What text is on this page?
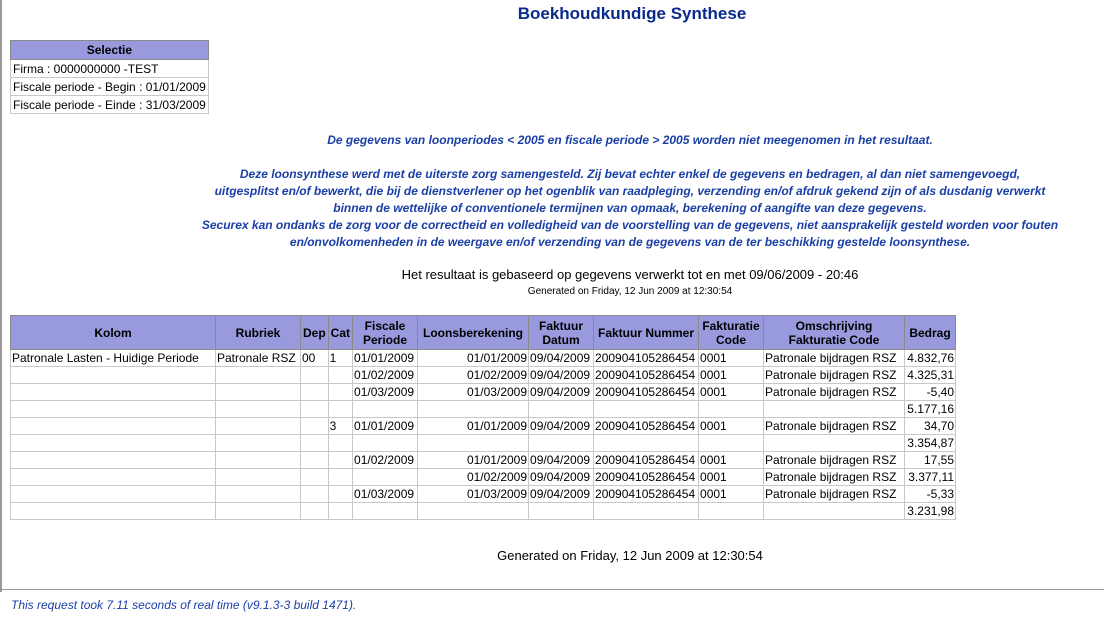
Boekhoudkundige Synthese
Selectie
Firma : 0000000000 -TEST
Fiscale periode - Begin : 01/01/2009
Fiscale periode - Einde : 31/03/2009

De gegevens van loonperiodes < 2005 en fiscale periode > 2005 worden niet meegenomen in het resultaat.

Deze loonsynthese werd met de uiterste zorg samengesteld. Zij bevat echter enkel de gegevens en bedragen, al dan niet samengevoegd,

uitgesplitst en/of bewerkt, die bij de dienstverlener op het ogenblik van raadpleging, verzending en/of afdruk gekend zijn of als dusdanig verwerkt

binnen de wettelijke of conventionele termijnen van opmaak, berekening of aangifte van deze gegevens.

Securex kan ondanks de zorg voor de correctheid en volledigheid van de voorstelling van de gegevens, niet aansprakelijk gesteld worden voor fouten

en/onvolkomenheden in de weergave en/of verzending van de gegevens van de ter beschikking gestelde loonsynthese.

Het resultaat is gebaseerd op gegevens verwerkt tot en met 09/06/2009 - 20:46
Generated on Friday, 12 Jun 2009 at 12:30:54
Kolom	Rubriek	Dep	Cat	Fiscale Periode	Loonsberekening	Faktuur Datum	Faktuur Nummer	Fakturatie Code	Omschrijving Fakturatie Code	Bedrag
Patronale Lasten - Huidige Periode	Patronale RSZ	00	1	01/01/2009	01/01/2009	09/04/2009	200904105286454	0001	Patronale bijdragen RSZ	4.832,76
				01/02/2009	01/02/2009	09/04/2009	200904105286454	0001	Patronale bijdragen RSZ	4.325,31
				01/03/2009	01/03/2009	09/04/2009	200904105286454	0001	Patronale bijdragen RSZ	-5,40
										5.177,16
			3	01/01/2009	01/01/2009	09/04/2009	200904105286454	0001	Patronale bijdragen RSZ	34,70
										3.354,87
				01/02/2009	01/01/2009	09/04/2009	200904105286454	0001	Patronale bijdragen RSZ	17,55
					01/02/2009	09/04/2009	200904105286454	0001	Patronale bijdragen RSZ	3.377,11
				01/03/2009	01/03/2009	09/04/2009	200904105286454	0001	Patronale bijdragen RSZ	-5,33
										3.231,98
Generated on Friday, 12 Jun 2009 at 12:30:54
This request took 7.11 seconds of real time (v9.1.3-3 build 1471).
